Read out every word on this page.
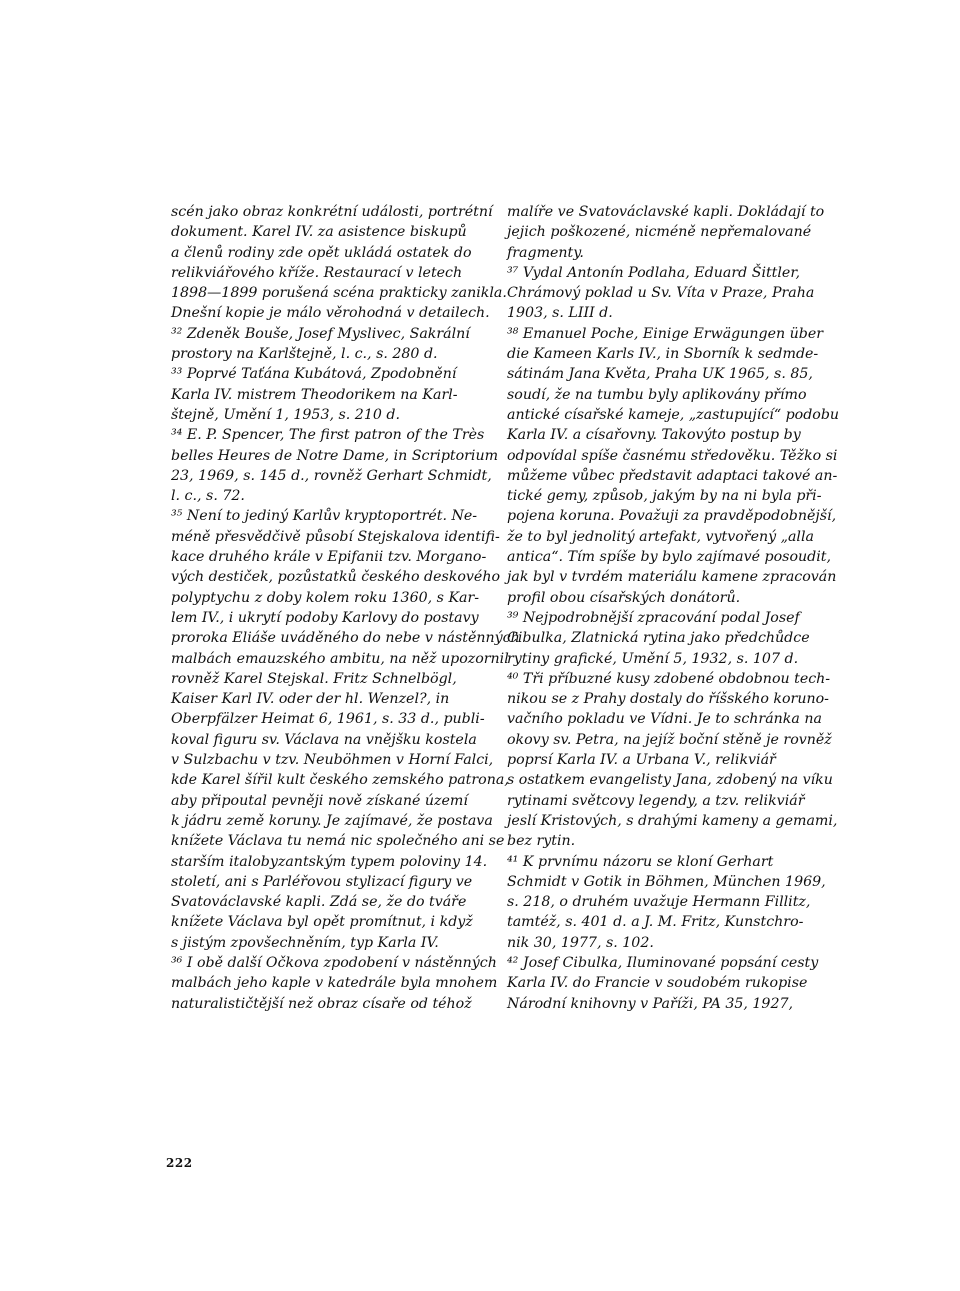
scén jako obraz konkrétní události, portrétní
dokument. Karel IV. za asistence biskupů
a členů rodiny zde opět ukládá ostatek do
relikviářového kříže. Restaurací v letech
1898—1899 porušená scéna prakticky zanikla.
Dnešní kopie je málo věrohodná v detailech.
³² Zdeněk Bouše, Josef Myslivec, Sakrální
prostory na Karlštejně, l. c., s. 280 d.
³³ Poprvé Taťána Kubátová, Zpodobnění
Karla IV. mistrem Theodorikem na Karl-
štejně, Umění 1, 1953, s. 210 d.
³⁴ E. P. Spencer, The first patron of the Très
belles Heures de Notre Dame, in Scriptorium
23, 1969, s. 145 d., rovněž Gerhart Schmidt,
l. c., s. 72.
³⁵ Není to jediný Karlův kryptoportrét. Ne-
méně přesvědčivě působí Stejskalova identifi-
kace druhého krále v Epifanii tzv. Morgano-
vých destiček, pozůstatků českého deskového
polyptychu z doby kolem roku 1360, s Kar-
lem IV., i ukrytí podoby Karlovy do postavy
proroka Eliáše uváděného do nebe v nástěnných
malbách emauzského ambitu, na něž upozornil
rovněž Karel Stejskal. Fritz Schnelbögl,
Kaiser Karl IV. oder der hl. Wenzel?, in
Oberpfälzer Heimat 6, 1961, s. 33 d., publi-
koval figuru sv. Václava na vnějšku kostela
v Sulzbachu v tzv. Neuböhmen v Horní Falci,
kde Karel šířil kult českého zemského patrona,
aby připoutal pevněji nově získané území
k jádru země koruny. Je zajímavé, že postava
knížete Václava tu nemá nic společného ani se
starším italobyzantským typem poloviny 14.
století, ani s Parléřovou stylizací figury ve
Svatováclavské kapli. Zdá se, že do tváře
knížete Václava byl opět promítnut, i když
s jistým zpovšechněním, typ Karla IV.
³⁶ I obě další Očkova zpodobení v nástěnných
malbách jeho kaple v katedrále byla mnohem
naturalističtější než obraz císaře od téhož
malíře ve Svatováclavské kapli. Dokládají to
jejich poškozené, nicméně nepřemalované
fragmenty.
³⁷ Vydal Antonín Podlaha, Eduard Šittler,
Chrámový poklad u Sv. Víta v Praze, Praha
1903, s. LIII d.
³⁸ Emanuel Poche, Einige Erwägungen über
die Kameen Karls IV., in Sborník k sedmde-
sátinám Jana Květa, Praha UK 1965, s. 85,
soudí, že na tumbu byly aplikovány přímo
antické císařské kameje, „zastupující“ podobu
Karla IV. a císařovny. Takovýto postup by
odpovídal spíše časnému středověku. Těžko si
můžeme vůbec představit adaptaci takové an-
tické gemy, způsob, jakým by na ni byla při-
pojena koruna. Považuji za pravděpodobnější,
že to byl jednolitý artefakt, vytvořený „alla
antica“. Tím spíše by bylo zajímavé posoudit,
jak byl v tvrdém materiálu kamene zpracován
profil obou císařských donátorů.
³⁹ Nejpodrobnější zpracování podal Josef
Cibulka, Zlatnická rytina jako předchůdce
rytiny grafické, Umění 5, 1932, s. 107 d.
⁴⁰ Tři příbuzné kusy zdobené obdobnou tech-
nikou se z Prahy dostaly do říšského koruno-
vačního pokladu ve Vídni. Je to schránka na
okovy sv. Petra, na jejíž boční stěně je rovněž
poprsí Karla IV. a Urbana V., relikviář
s ostatkem evangelisty Jana, zdobený na víku
rytinami světcovy legendy, a tzv. relikviář
jeslí Kristových, s drahými kameny a gemami,
bez rytin.
⁴¹ K prvnímu názoru se kloní Gerhart
Schmidt v Gotik in Böhmen, München 1969,
s. 218, o druhém uvažuje Hermann Fillitz,
tamtéž, s. 401 d. a J. M. Fritz, Kunstchro-
nik 30, 1977, s. 102.
⁴² Josef Cibulka, Iluminované popsání cesty
Karla IV. do Francie v soudobém rukopise
Národní knihovny v Paříži, PA 35, 1927,
222
